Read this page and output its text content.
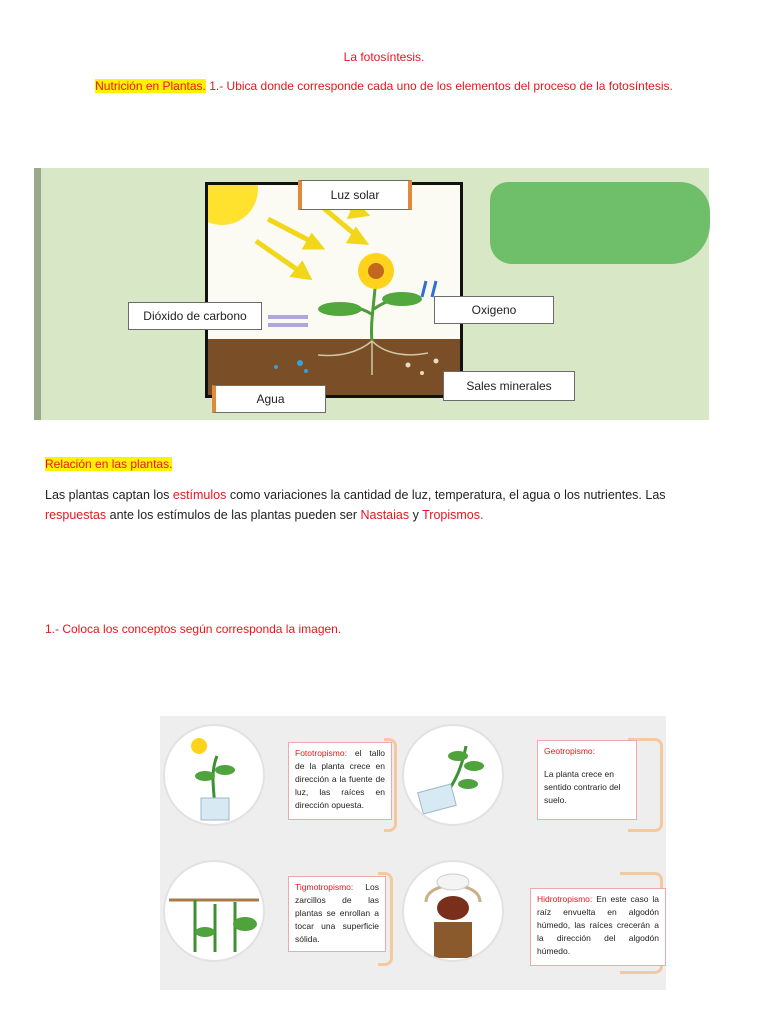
La fotosíntesis.
Nutrición en Plantas. 1.- Ubica donde corresponde cada uno de los elementos del proceso de la fotosíntesis.
Luz solar
Dióxido de carbono	Oxigeno
Sales minerales
Agua
Relación en las plantas.
Las plantas captan los estímulos como variaciones la cantidad de luz, temperatura, el agua o los nutrientes. Las respuestas ante los estímulos de las plantas pueden ser Nastaias y Tropismos.
1.- Coloca los conceptos según corresponda la imagen.
Fototropismo: el tallo de la planta crece en dirección a la fuente de luz, las raíces en dirección opuesta.
Geotropismo:
La planta crece en sentido contrario del suelo.
Tigmotropismo: Los zarcillos de las plantas se enrollan a tocar una superficie sólida.
Hidrotropismo: En este caso la raíz envuelta en algodón húmedo, las raíces crecerán a la dirección del algodón húmedo.
